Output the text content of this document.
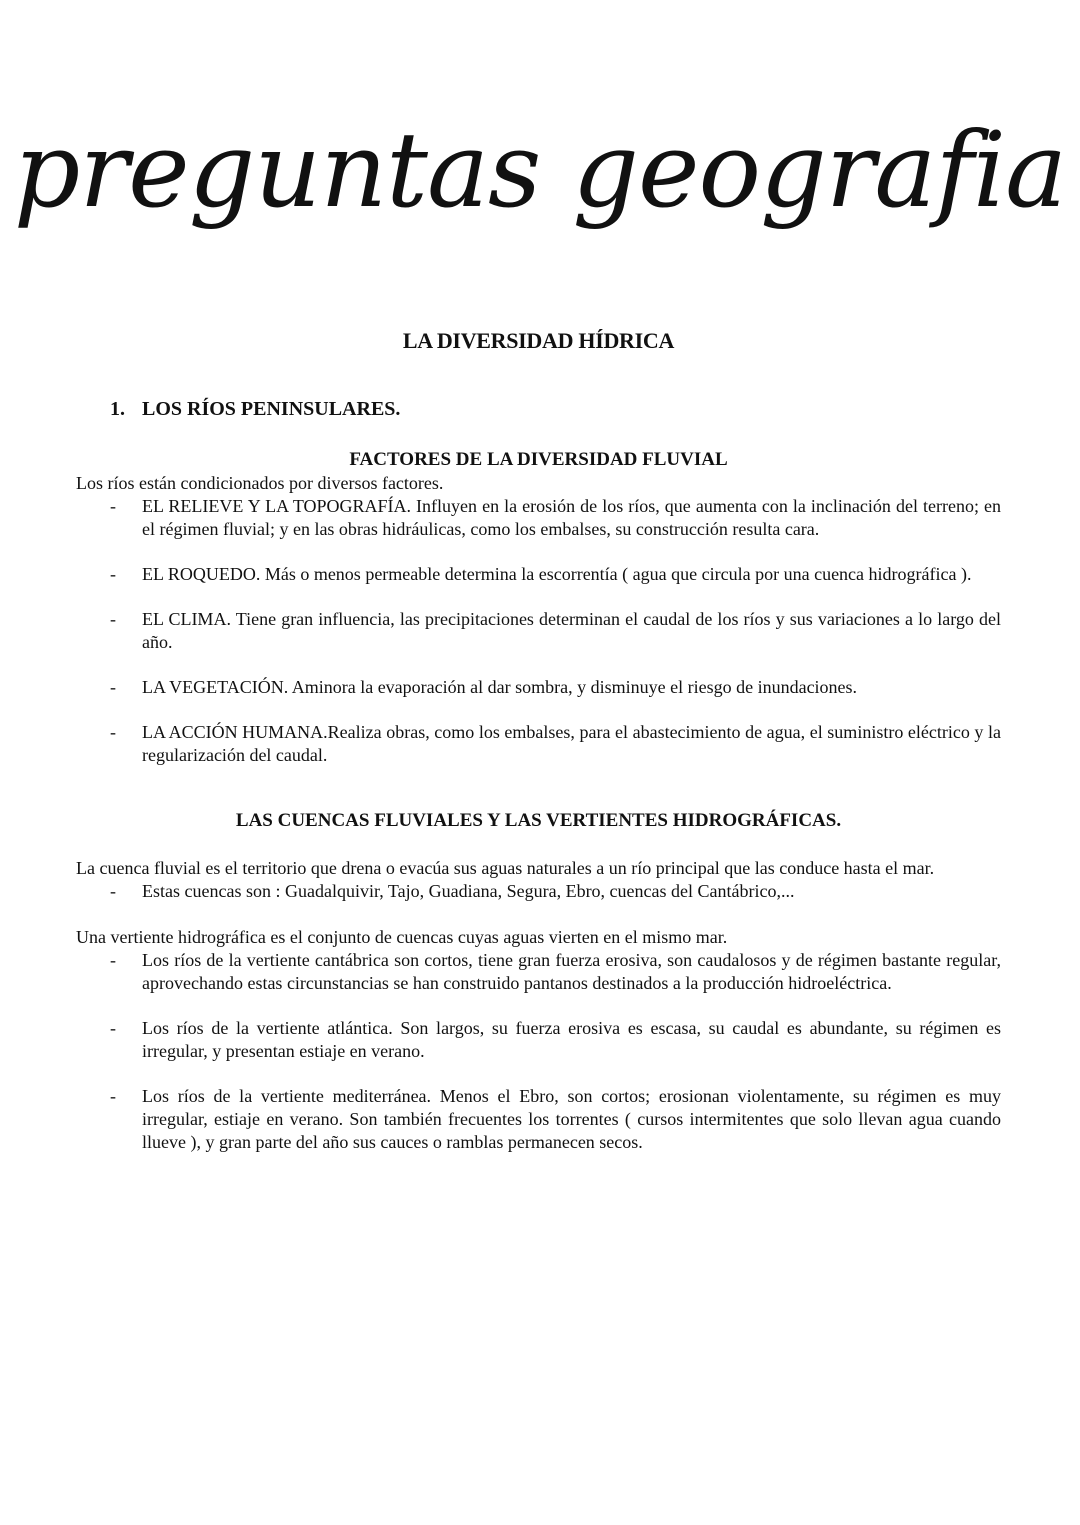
preguntas geografia
LA DIVERSIDAD HÍDRICA
1. LOS RÍOS PENINSULARES.
FACTORES DE LA DIVERSIDAD FLUVIAL

Los ríos están condicionados por diversos factores.

- EL RELIEVE Y LA TOPOGRAFÍA. Influyen en la erosión de los ríos, que aumenta con la inclinación del terreno; en el régimen fluvial; y en las obras hidráulicas, como los embalses, su construcción resulta cara.
- EL ROQUEDO. Más o menos permeable determina la escorrentía ( agua que circula por una cuenca hidrográfica ).
- EL CLIMA. Tiene gran influencia, las precipitaciones determinan el caudal de los ríos y sus variaciones a lo largo del año.
- LA VEGETACIÓN. Aminora la evaporación al dar sombra, y disminuye el riesgo de inundaciones.
- LA ACCIÓN HUMANA.Realiza obras, como los embalses, para el abastecimiento de agua, el suministro eléctrico y la regularización del caudal.
LAS CUENCAS FLUVIALES Y LAS VERTIENTES HIDROGRÁFICAS.

La cuenca fluvial es el territorio que drena o evacúa sus aguas naturales a un río principal que las conduce hasta el mar.

- Estas cuencas son : Guadalquivir, Tajo, Guadiana, Segura, Ebro, cuencas del Cantábrico,...

Una vertiente hidrográfica es el conjunto de cuencas cuyas aguas vierten en el mismo mar.

- Los ríos de la vertiente cantábrica son cortos, tiene gran fuerza erosiva, son caudalosos y de régimen bastante regular, aprovechando estas circunstancias se han construido pantanos destinados a la producción hidroeléctrica.
- Los ríos de la vertiente atlántica. Son largos, su fuerza erosiva es escasa, su caudal es abundante, su régimen es irregular, y presentan estiaje en verano.
- Los ríos de la vertiente mediterránea. Menos el Ebro, son cortos; erosionan violentamente, su régimen es muy irregular, estiaje en verano. Son también frecuentes los torrentes ( cursos intermitentes que solo llevan agua cuando llueve ), y gran parte del año sus cauces o ramblas permanecen secos.
